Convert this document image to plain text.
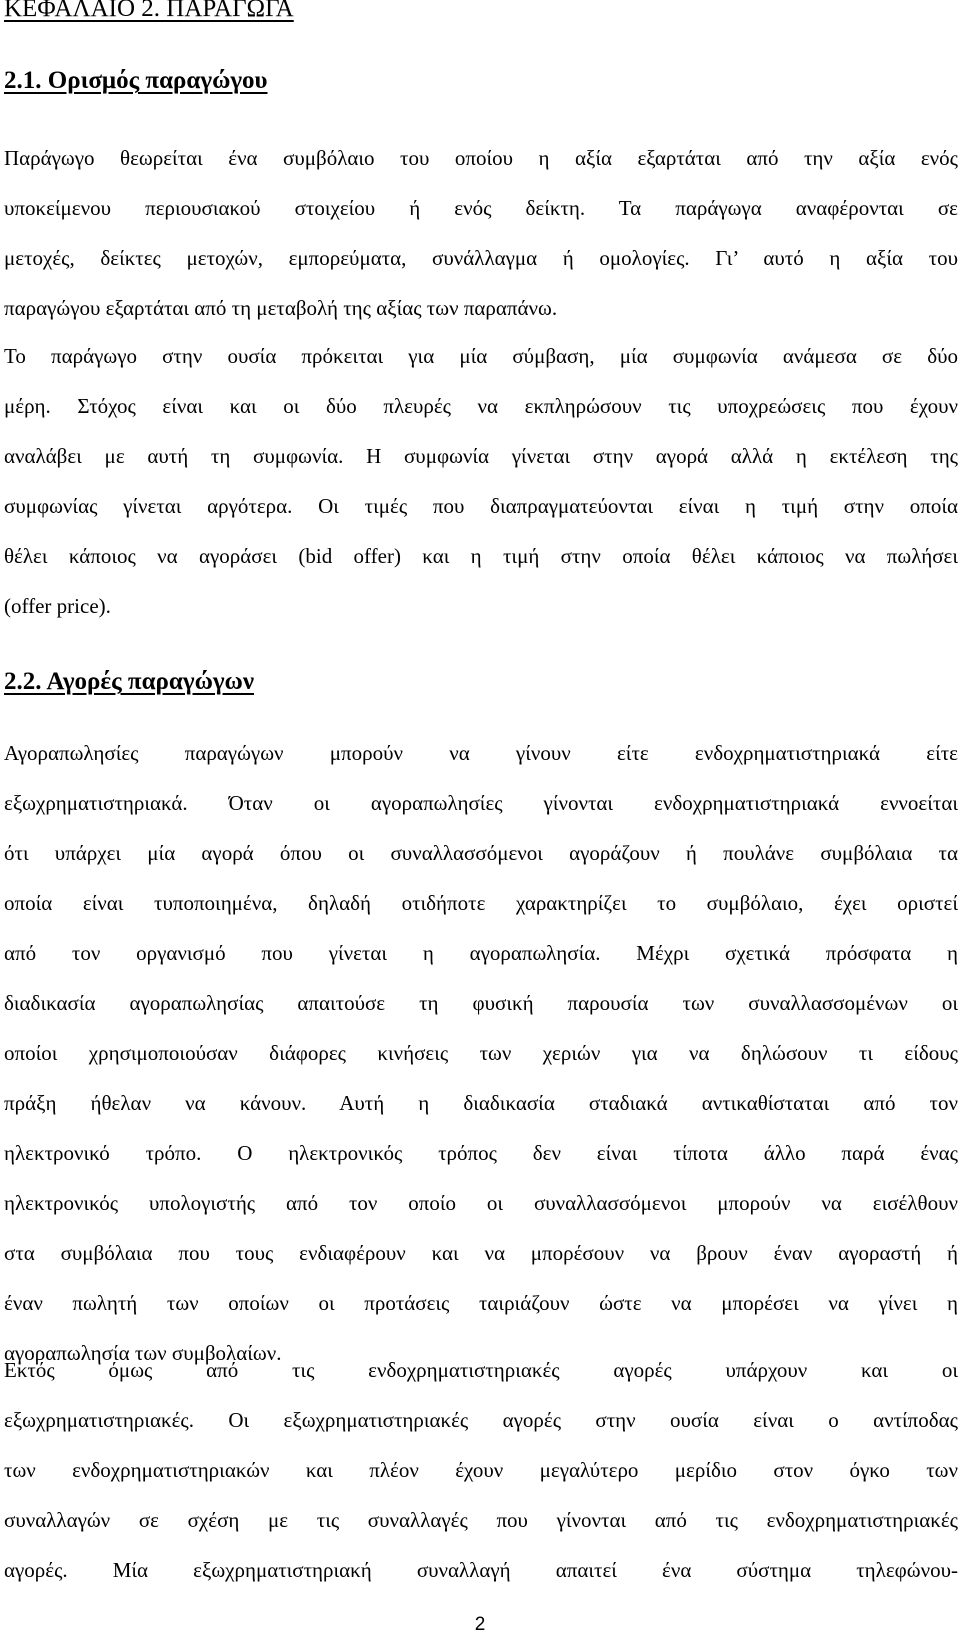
ΚΕΦΑΛΑΙΟ 2. ΠΑΡΑΓΩΓΑ
2.1. Ορισμός παραγώγου

Παράγωγο θεωρείται ένα συμβόλαιο του οποίου η αξία εξαρτάται από την αξία ενός
υποκείμενου περιουσιακού στοιχείου ή ενός δείκτη. Τα παράγωγα αναφέρονται σε
μετοχές, δείκτες μετοχών, εμπορεύματα, συνάλλαγμα ή ομολογίες. Γι’ αυτό η αξία του
παραγώγου εξαρτάται από τη μεταβολή της αξίας των παραπάνω.

Το παράγωγο στην ουσία πρόκειται για μία σύμβαση, μία συμφωνία ανάμεσα σε δύο
μέρη. Στόχος είναι και οι δύο πλευρές να εκπληρώσουν τις υποχρεώσεις που έχουν
αναλάβει με αυτή τη συμφωνία. Η συμφωνία γίνεται στην αγορά αλλά η εκτέλεση της
συμφωνίας γίνεται αργότερα. Οι τιμές που διαπραγματεύονται είναι η τιμή στην οποία
θέλει κάποιος να αγοράσει (bid offer) και η τιμή στην οποία θέλει κάποιος να πωλήσει
(offer price).

2.2. Αγορές παραγώγων

Αγοραπωλησίες παραγώγων μπορούν να γίνουν είτε ενδοχρηματιστηριακά είτε
εξωχρηματιστηριακά. Όταν οι αγοραπωλησίες γίνονται ενδοχρηματιστηριακά εννοείται
ότι υπάρχει μία αγορά όπου οι συναλλασσόμενοι αγοράζουν ή πουλάνε συμβόλαια τα
οποία είναι τυποποιημένα, δηλαδή οτιδήποτε χαρακτηρίζει το συμβόλαιο, έχει οριστεί
από τον οργανισμό που γίνεται η αγοραπωλησία. Μέχρι σχετικά πρόσφατα η
διαδικασία αγοραπωλησίας απαιτούσε τη φυσική παρουσία των συναλλασσομένων οι
οποίοι χρησιμοποιούσαν διάφορες κινήσεις των χεριών για να δηλώσουν τι είδους
πράξη ήθελαν να κάνουν. Αυτή η διαδικασία σταδιακά αντικαθίσταται από τον
ηλεκτρονικό τρόπο. Ο ηλεκτρονικός τρόπος δεν είναι τίποτα άλλο παρά ένας
ηλεκτρονικός υπολογιστής από τον οποίο οι συναλλασσόμενοι μπορούν να εισέλθουν
στα συμβόλαια που τους ενδιαφέρουν και να μπορέσουν να βρουν έναν αγοραστή ή
έναν πωλητή των οποίων οι προτάσεις ταιριάζουν ώστε να μπορέσει να γίνει η
αγοραπωλησία των συμβολαίων.

Εκτός όμως από τις ενδοχρηματιστηριακές αγορές υπάρχουν και οι
εξωχρηματιστηριακές. Οι εξωχρηματιστηριακές αγορές στην ουσία είναι ο αντίποδας
των ενδοχρηματιστηριακών και πλέον έχουν μεγαλύτερο μερίδιο στον όγκο των
συναλλαγών σε σχέση με τις συναλλαγές που γίνονται από τις ενδοχρηματιστηριακές
αγορές. Μία εξωχρηματιστηριακή συναλλαγή απαιτεί ένα σύστημα τηλεφώνου-

2
